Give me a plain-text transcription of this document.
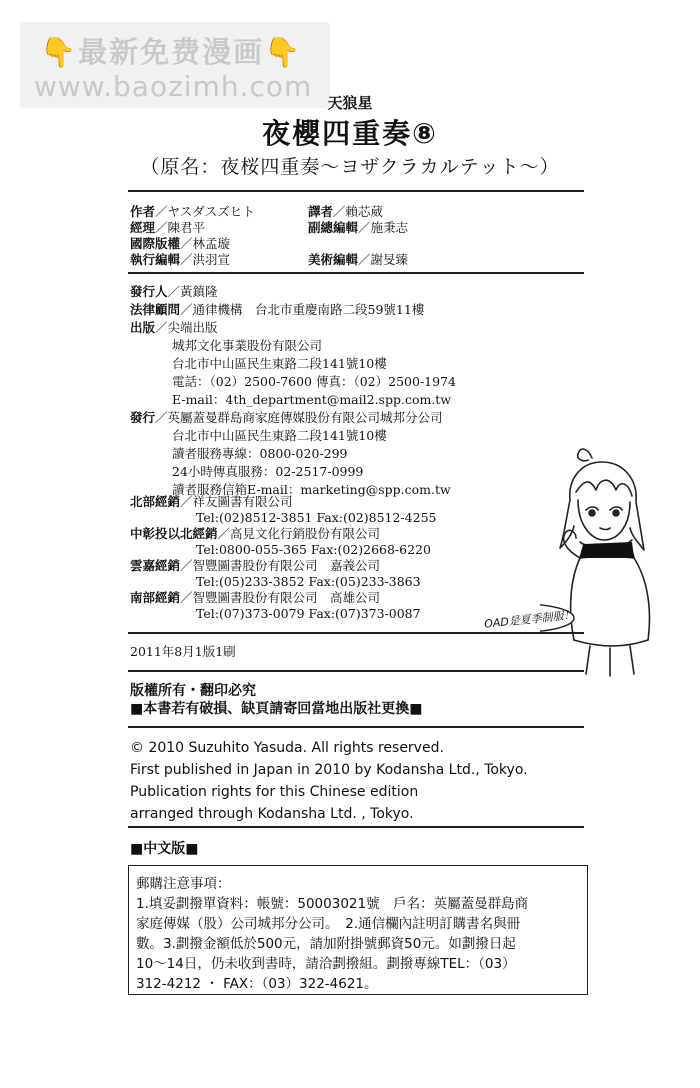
👇最新免费漫画👇
www.baozimh.com	天狼星
夜櫻四重奏⑧
（原名：夜桜四重奏〜ヨザクラカルテット〜）
作者／ヤスダスズヒト	譯者／賴芯葳
經理／陳君平	副總編輯／施秉志
國際版權／林孟璇
執行編輯／洪羽宣	美術編輯／謝旻臻
發行人／黃鎮隆
法律顧問／通律機構　台北市重慶南路二段59號11樓
出版／尖端出版
城邦文化事業股份有限公司
台北市中山區民生東路二段141號10樓
電話：（02）2500-7600 傳真：（02）2500-1974
E-mail：4th_department@mail2.spp.com.tw
發行／英屬蓋曼群島商家庭傳媒股份有限公司城邦分公司
台北市中山區民生東路二段141號10樓
讀者服務專線：0800-020-299
24小時傳真服務：02-2517-0999
讀者服務信箱E-mail：marketing@spp.com.tw
北部經銷／祥友圖書有限公司
Tel:(02)8512-3851 Fax:(02)8512-4255
中彰投以北經銷／高見文化行銷股份有限公司
Tel:0800-055-365 Fax:(02)2668-6220
雲嘉經銷／智豐圖書股份有限公司　嘉義公司
Tel:(05)233-3852 Fax:(05)233-3863
南部經銷／智豐圖書股份有限公司　高雄公司
Tel:(07)373-0079 Fax:(07)373-0087
2011年8月1版1刷
版權所有・翻印必究
■本書若有破損、缺頁請寄回當地出版社更換■
© 2010 Suzuhito Yasuda. All rights reserved.
First published in Japan in 2010 by Kodansha Ltd., Tokyo.
Publication rights for this Chinese edition
arranged through Kodansha Ltd. , Tokyo.
■中文版■
郵購注意事項：
1.填妥劃撥單資料：帳號：50003021號　戶名：英屬蓋曼群島商
家庭傳媒（股）公司城邦分公司。　2.通信欄內註明訂購書名與冊
數。3.劃撥金額低於500元，請加附掛號郵資50元。如劃撥日起
10〜14日，仍未收到書時，請洽劃撥組。劃撥專線TEL：（03）
312-4212 ・ FAX：（03）322-4621。
OAD是夏季制服！
